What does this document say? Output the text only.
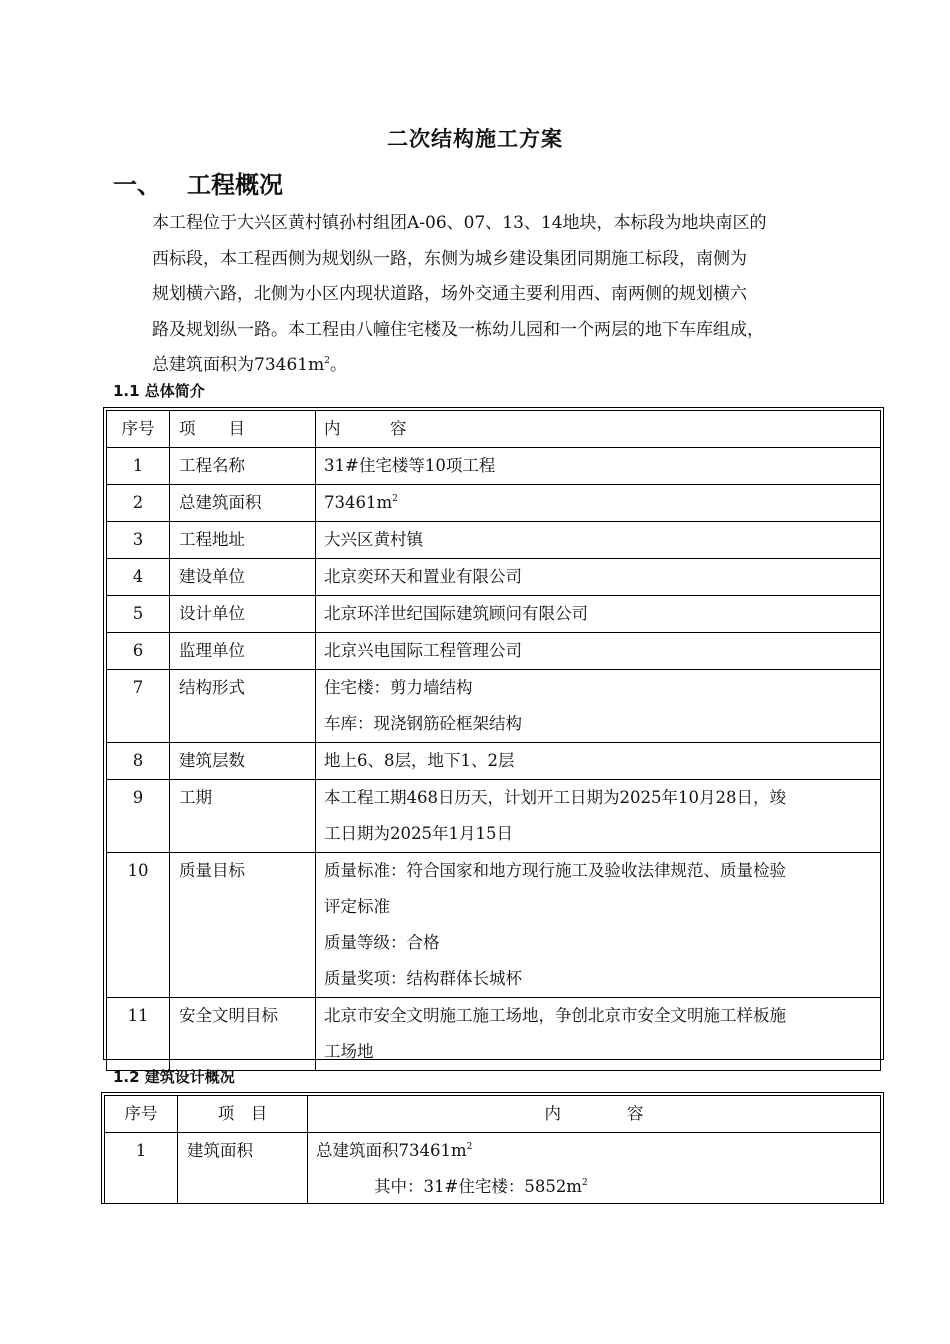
二次结构施工方案
一、 工程概况
本工程位于大兴区黄村镇孙村组团A-06、07、13、14地块，本标段为地块南区的
西标段，本工程西侧为规划纵一路，东侧为城乡建设集团同期施工标段，南侧为
规划横六路，北侧为小区内现状道路，场外交通主要利用西、南两侧的规划横六
路及规划纵一路。本工程由八幢住宅楼及一栋幼儿园和一个两层的地下车库组成，
总建筑面积为$73461m^2$。
1.1 总体简介
序号	项　　目	内　　　容

1	工程名称	31#住宅楼等10项工程

2	总建筑面积	$73461m^2$

3	工程地址	大兴区黄村镇

4	建设单位	北京奕环天和置业有限公司

5	设计单位	北京环洋世纪国际建筑顾问有限公司

6	监理单位	北京兴电国际工程管理公司

7	结构形式	住宅楼：剪力墙结构
车库：现浇钢筋砼框架结构

8	建筑层数	地上6、8层，地下1、2层

9	工期	本工程工期468日历天，计划开工日期为2025年10月28日，竣
工日期为2025年1月15日

10	质量目标	质量标准：符合国家和地方现行施工及验收法律规范、质量检验
评定标准
质量等级：合格
质量奖项：结构群体长城杯

11	安全文明目标	北京市安全文明施工施工场地，争创北京市安全文明施工样板施
工场地
1.2 建筑设计概况
序号	项　目	内　　　　容

1	建筑面积	总建筑面积$73461m^2$
其中：31#住宅楼：$5852m^2$
